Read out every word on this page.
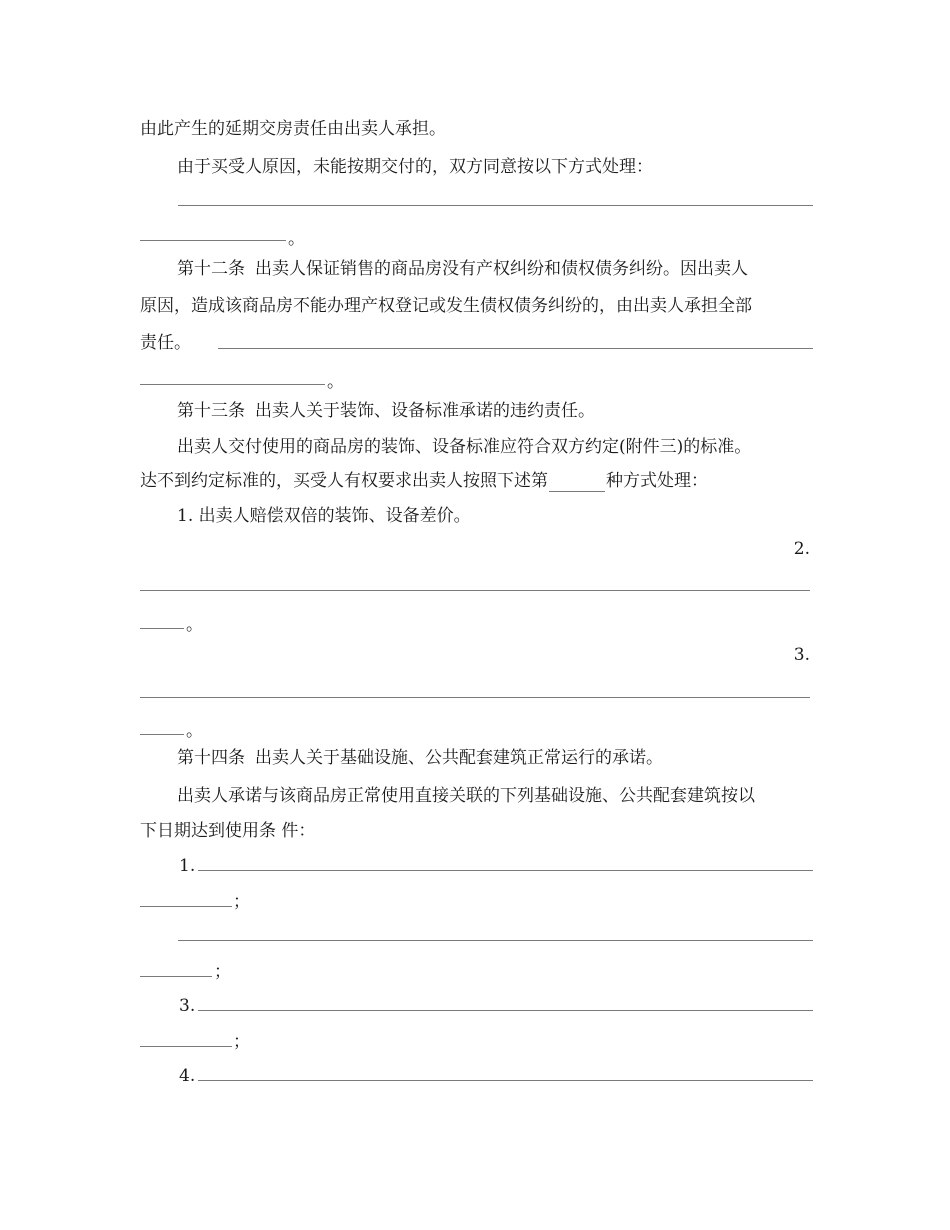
由此产生的延期交房责任由出卖人承担。
由于买受人原因，未能按期交付的，双方同意按以下方式处理：
。
第十二条 出卖人保证销售的商品房没有产权纠纷和债权债务纠纷。因出卖人
原因，造成该商品房不能办理产权登记或发生债权债务纠纷的，由出卖人承担全部
责任。
。
第十三条 出卖人关于装饰、设备标准承诺的违约责任。
出卖人交付使用的商品房的装饰、设备标准应符合双方约定(附件三)的标准。
达不到约定标准的，买受人有权要求出卖人按照下述第	种方式处理：
1. 出卖人赔偿双倍的装饰、设备差价。
2.
。
3.
。
第十四条 出卖人关于基础设施、公共配套建筑正常运行的承诺。
出卖人承诺与该商品房正常使用直接关联的下列基础设施、公共配套建筑按以
下日期达到使用条 件：
1.
；
；
3.
；
4.
